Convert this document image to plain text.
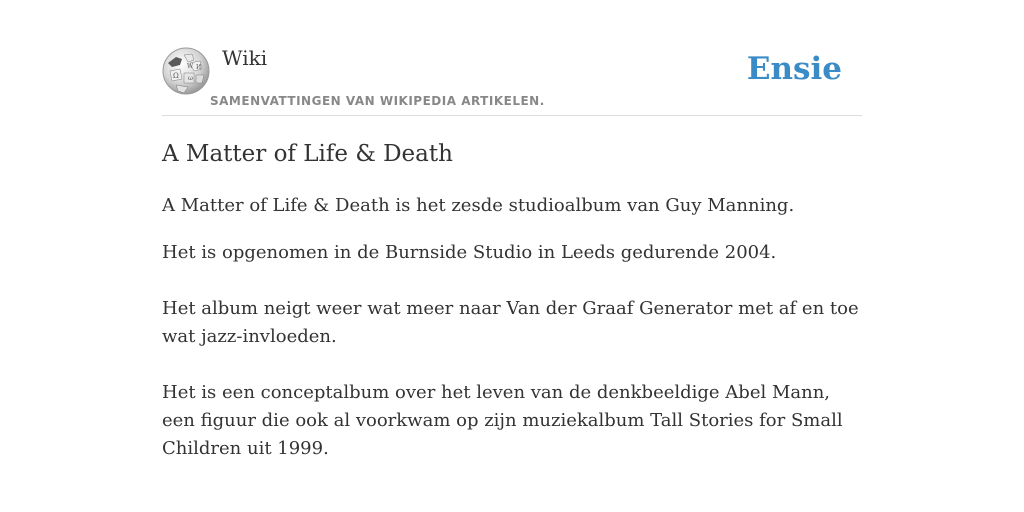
Ω
W И
ω
Wiki
SAMENVATTINGEN VAN WIKIPEDIA ARTIKELEN.
Ensie
A Matter of Life & Death

A Matter of Life & Death is het zesde studioalbum van Guy Manning.

Het is opgenomen in de Burnside Studio in Leeds gedurende 2004.

Het album neigt weer wat meer naar Van der Graaf Generator met af en toe wat jazz-invloeden.

Het is een conceptalbum over het leven van de denkbeeldige Abel Mann, een figuur die ook al voorkwam op zijn muziekalbum Tall Stories for Small Children uit 1999.
